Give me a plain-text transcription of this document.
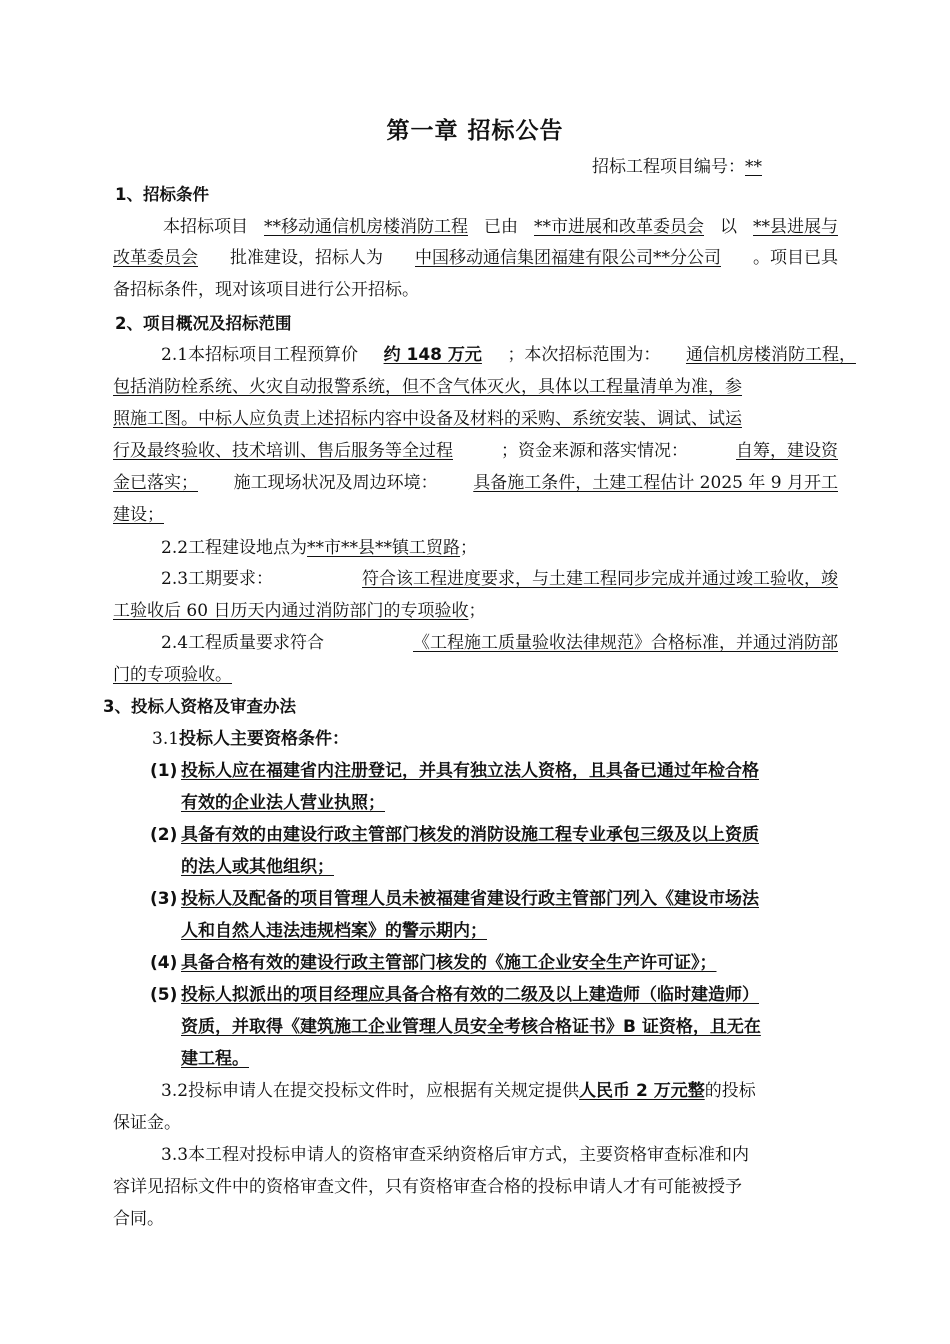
第一章 招标公告
招标工程项目编号：**
1、招标条件
本招标项目 **移动通信机房楼消防工程 已由 **市进展和改革委员会 以 **县进展与
改革委员会 批准建设，招标人为 中国移动通信集团福建有限公司**分公司 。项目已具
备招标条件，现对该项目进行公开招标。
2、项目概况及招标范围
2.1本招标项目工程预算价 约 148 万元 ；本次招标范围为： 通信机房楼消防工程，
包括消防栓系统、火灾自动报警系统，但不含气体灭火，具体以工程量清单为准，参
照施工图。中标人应负责上述招标内容中设备及材料的采购、系统安装、调试、试运
行及最终验收、技术培训、售后服务等全过程	；资金来源和落实情况：	自筹，建设资
金已落实； 施工现场状况及周边环境： 具备施工条件，土建工程估计 2025 年 9 月开工
建设；
2.2工程建设地点为**市**县**镇工贸路；
2.3工期要求：	符合该工程进度要求，与土建工程同步完成并通过竣工验收，竣
工验收后 60 日历天内通过消防部门的专项验收；
2.4工程质量要求符合	《工程施工质量验收法律规范》合格标准，并通过消防部
门的专项验收。
3、投标人资格及审查办法
3.1投标人主要资格条件：
(1) 投标人应在福建省内注册登记，并具有独立法人资格，且具备已通过年检合格
有效的企业法人营业执照；
(2) 具备有效的由建设行政主管部门核发的消防设施工程专业承包三级及以上资质
的法人或其他组织；
(3) 投标人及配备的项目管理人员未被福建省建设行政主管部门列入《建设市场法
人和自然人违法违规档案》的警示期内；
(4) 具备合格有效的建设行政主管部门核发的《施工企业安全生产许可证》；
(5) 投标人拟派出的项目经理应具备合格有效的二级及以上建造师（临时建造师）
资质，并取得《建筑施工企业管理人员安全考核合格证书》B 证资格，且无在
建工程。
3.2投标申请人在提交投标文件时，应根据有关规定提供人民币 2 万元整的投标
保证金。
3.3本工程对投标申请人的资格审查采纳资格后审方式，主要资格审查标准和内
容详见招标文件中的资格审查文件，只有资格审查合格的投标申请人才有可能被授予
合同。
